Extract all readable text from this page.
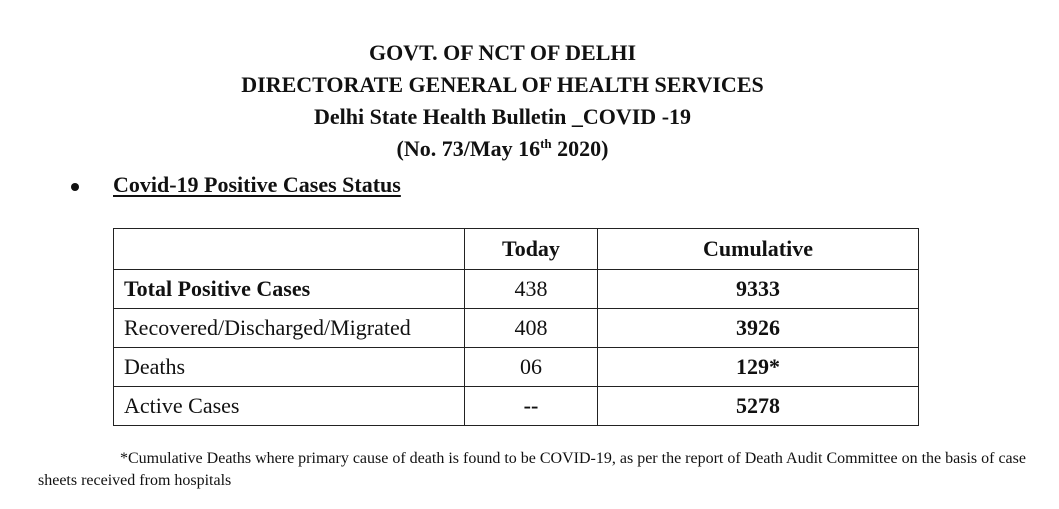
GOVT. OF NCT OF DELHI
DIRECTORATE GENERAL OF HEALTH SERVICES
Delhi State Health Bulletin _COVID -19
(No. 73/May 16th 2020)
Covid-19 Positive Cases Status
	Today	Cumulative
Total Positive Cases	438	9333
Recovered/Discharged/Migrated	408	3926
Deaths	06	129*
Active Cases	--	5278
*Cumulative Deaths where primary cause of death is found to be COVID-19, as per the report of Death Audit Committee on the basis of case sheets received from hospitals
